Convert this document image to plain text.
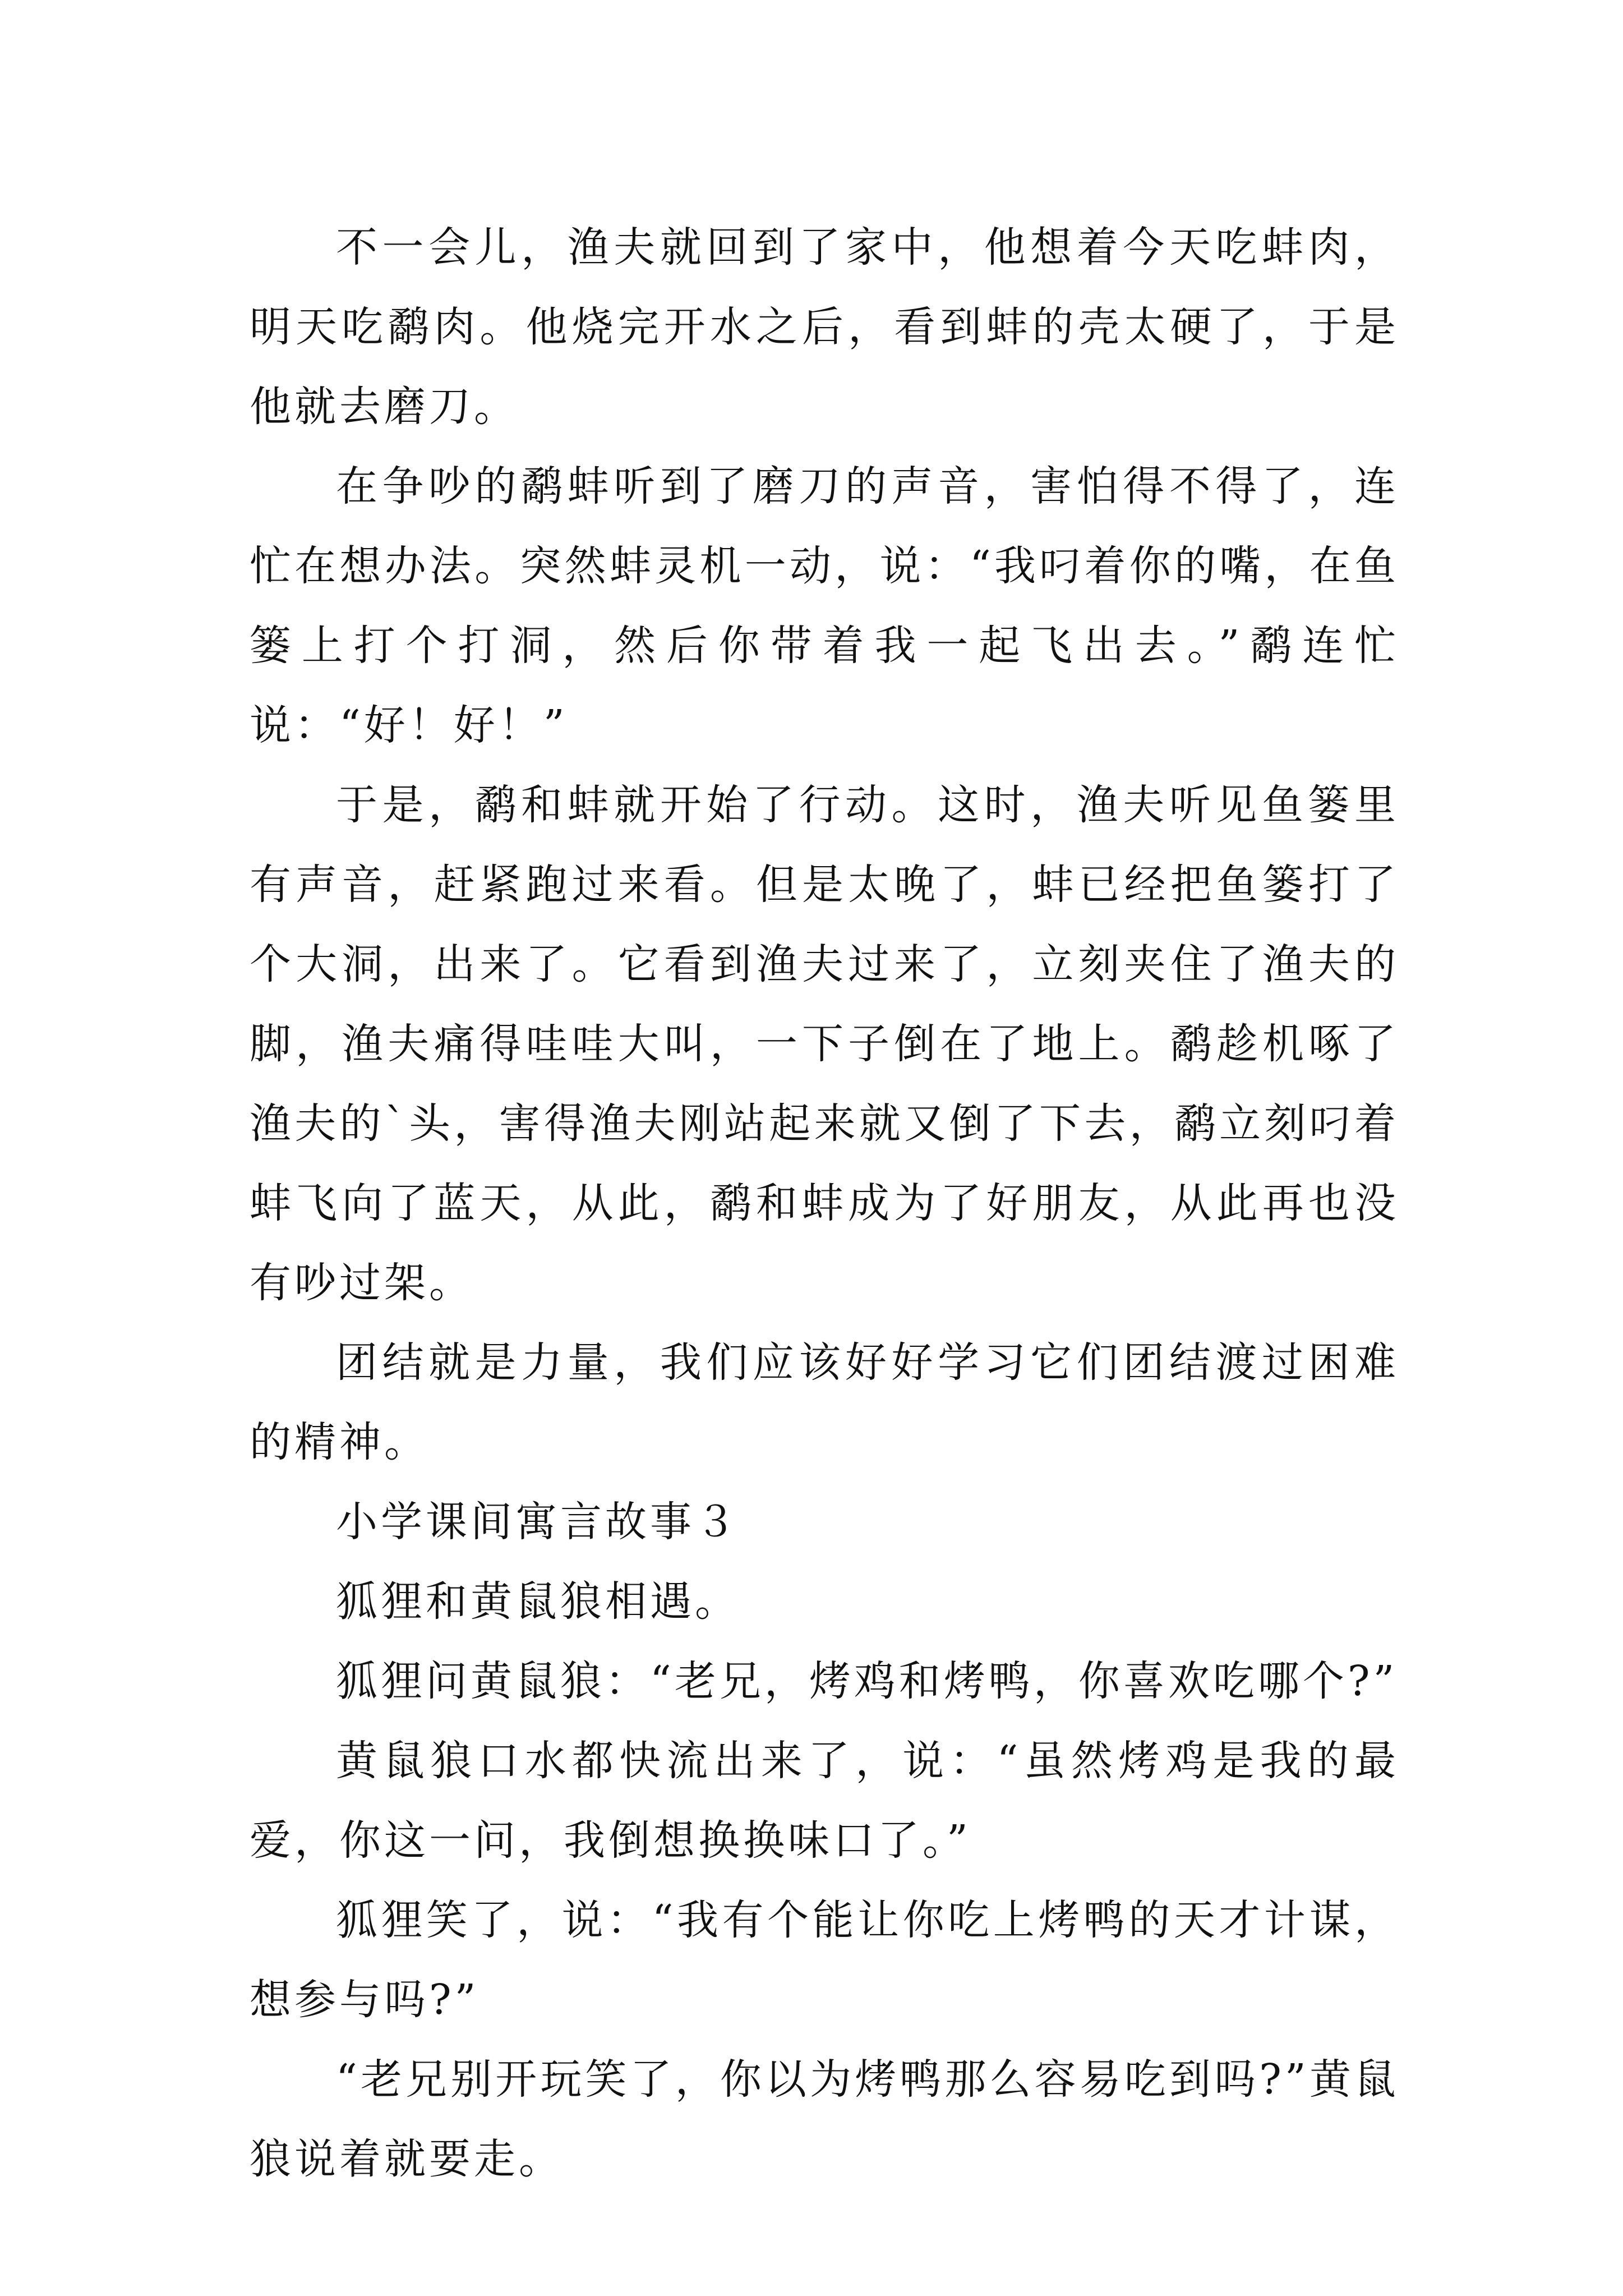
不一会儿，渔夫就回到了家中，他想着今天吃蚌肉，明天吃鹬肉。他烧完开水之后，看到蚌的壳太硬了，于是他就去磨刀。

在争吵的鹬蚌听到了磨刀的声音，害怕得不得了，连忙在想办法。突然蚌灵机一动，说：“我叼着你的嘴，在鱼篓上打个打洞，然后你带着我一起飞出去。”鹬连忙说：“好！好！”

于是，鹬和蚌就开始了行动。这时，渔夫听见鱼篓里有声音，赶紧跑过来看。但是太晚了，蚌已经把鱼篓打了个大洞，出来了。它看到渔夫过来了，立刻夹住了渔夫的脚，渔夫痛得哇哇大叫，一下子倒在了地上。鹬趁机啄了渔夫的`头，害得渔夫刚站起来就又倒了下去，鹬立刻叼着蚌飞向了蓝天，从此，鹬和蚌成为了好朋友，从此再也没有吵过架。

团结就是力量，我们应该好好学习它们团结渡过困难的精神。

小学课间寓言故事３

狐狸和黄鼠狼相遇。

狐狸问黄鼠狼：“老兄，烤鸡和烤鸭，你喜欢吃哪个?”

黄鼠狼口水都快流出来了，说：“虽然烤鸡是我的最爱，你这一问，我倒想换换味口了。”

狐狸笑了，说：“我有个能让你吃上烤鸭的天才计谋，想参与吗?”

“老兄别开玩笑了，你以为烤鸭那么容易吃到吗?”黄鼠狼说着就要走。
